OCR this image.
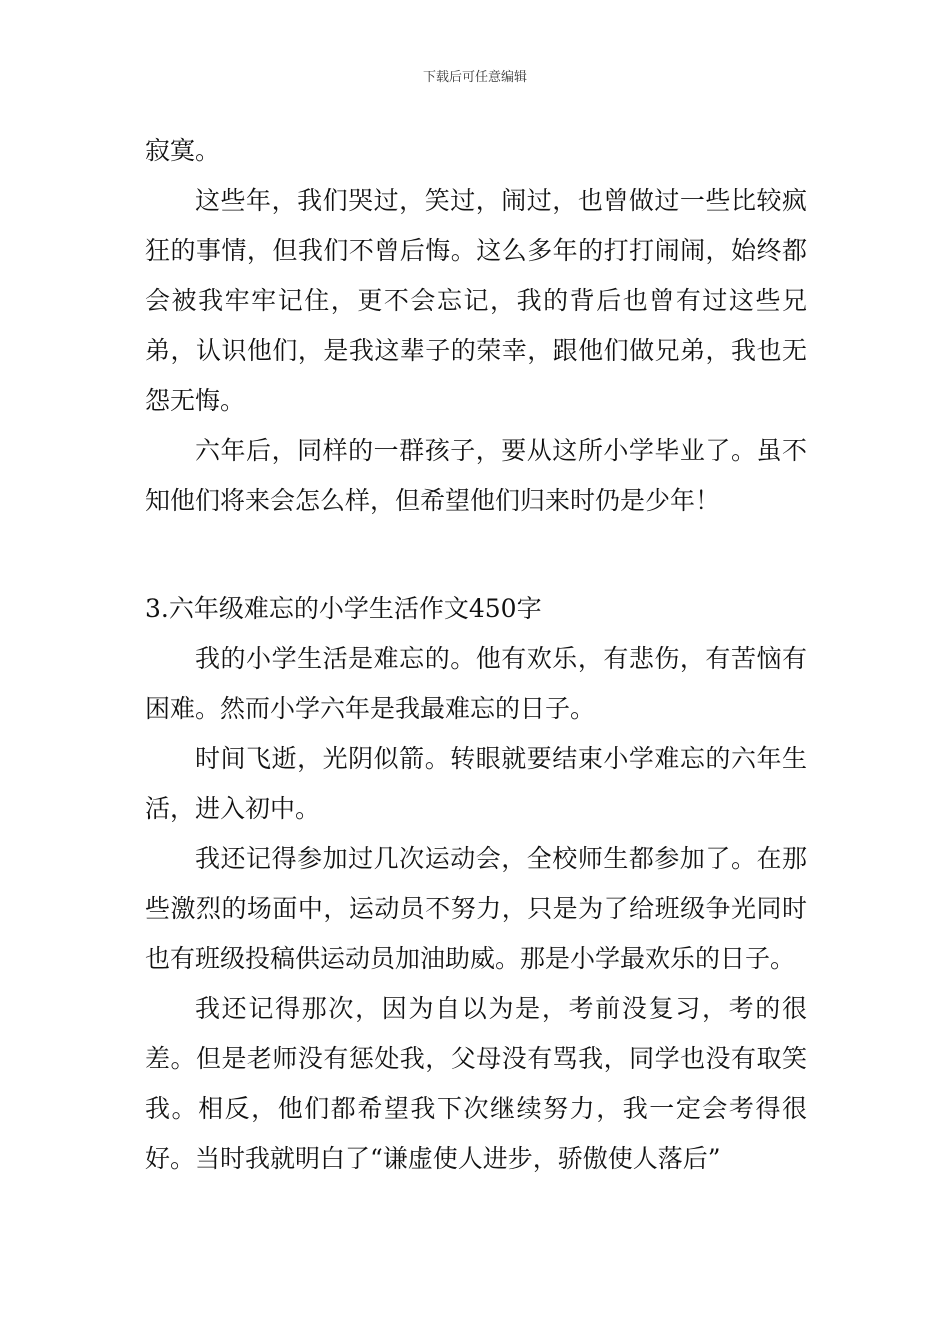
下载后可任意编辑

寂寞。

这些年，我们哭过，笑过，闹过，也曾做过一些比较疯狂的事情，但我们不曾后悔。这么多年的打打闹闹，始终都会被我牢牢记住，更不会忘记，我的背后也曾有过这些兄弟，认识他们，是我这辈子的荣幸，跟他们做兄弟，我也无怨无悔。

六年后，同样的一群孩子，要从这所小学毕业了。虽不知他们将来会怎么样，但希望他们归来时仍是少年！

3.六年级难忘的小学生活作文450字

我的小学生活是难忘的。他有欢乐，有悲伤，有苦恼有困难。然而小学六年是我最难忘的日子。

时间飞逝，光阴似箭。转眼就要结束小学难忘的六年生活，进入初中。

我还记得参加过几次运动会，全校师生都参加了。在那些激烈的场面中，运动员不努力，只是为了给班级争光同时也有班级投稿供运动员加油助威。那是小学最欢乐的日子。

我还记得那次，因为自以为是，考前没复习，考的很差。但是老师没有惩处我，父母没有骂我，同学也没有取笑我。相反，他们都希望我下次继续努力，我一定会考得很好。当时我就明白了“谦虚使人进步，骄傲使人落后”
